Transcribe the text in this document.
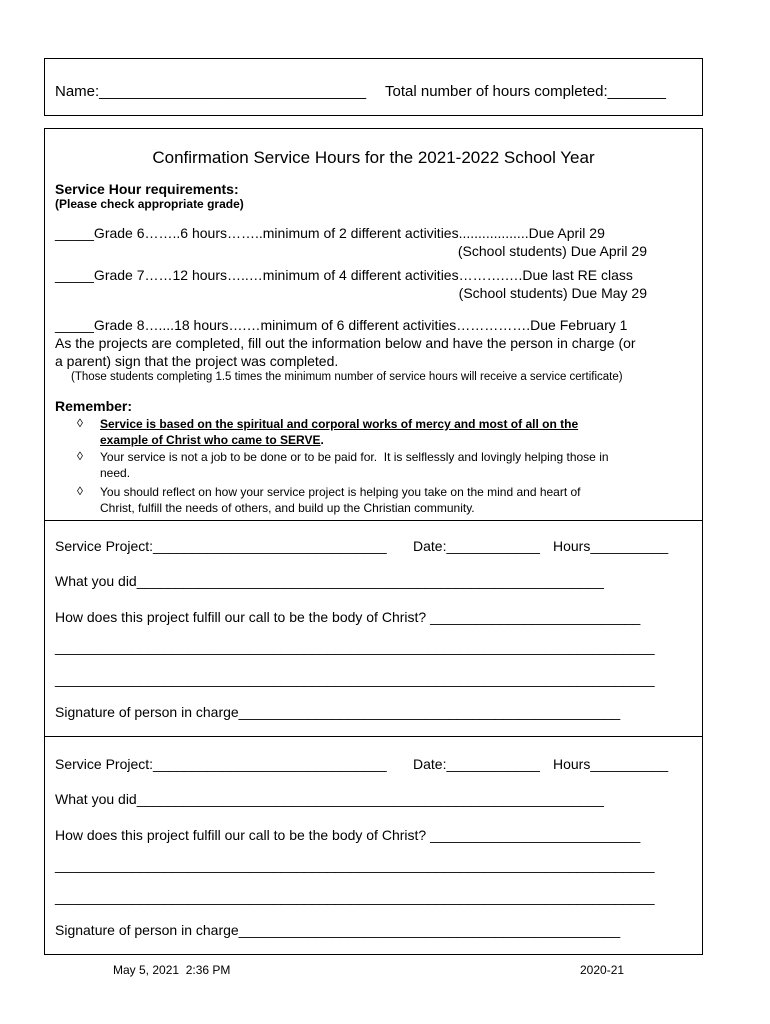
Name:________________________________ Total number of hours completed:_______
Confirmation Service Hours for the 2021-2022 School Year
Service Hour requirements:
(Please check appropriate grade)
_____Grade 6……..6 hours……..minimum of 2 different activities..................Due April 29
(School students) Due April 29
_____Grade 7……12 hours…..…minimum of 4 different activities……….….Due last RE class
(School students) Due May 29
_____Grade 8…....18 hours….…minimum of 6 different activities…………….Due February 1
As the projects are completed, fill out the information below and have the person in charge (or
a parent) sign that the project was completed.
(Those students completing 1.5 times the minimum number of service hours will receive a service certificate)
Remember:
◊ Service is based on the spiritual and corporal works of mercy and most of all on the
example of Christ who came to SERVE.
◊ Your service is not a job to be done or to be paid for.  It is selflessly and lovingly helping those in
need.
◊ You should reflect on how your service project is helping you take on the mind and heart of
Christ, fulfill the needs of others, and build up the Christian community.
Service Project:______________________________ Date:____________ Hours__________
What you did____________________________________________________________
How does this project fulfill our call to be the body of Christ? ___________________________
_____________________________________________________________________________
_____________________________________________________________________________
Signature of person in charge_________________________________________________
Service Project:______________________________ Date:____________ Hours__________
What you did____________________________________________________________
How does this project fulfill our call to be the body of Christ? ___________________________
_____________________________________________________________________________
_____________________________________________________________________________
Signature of person in charge_________________________________________________
May 5, 2021  2:36 PM	2020-21
